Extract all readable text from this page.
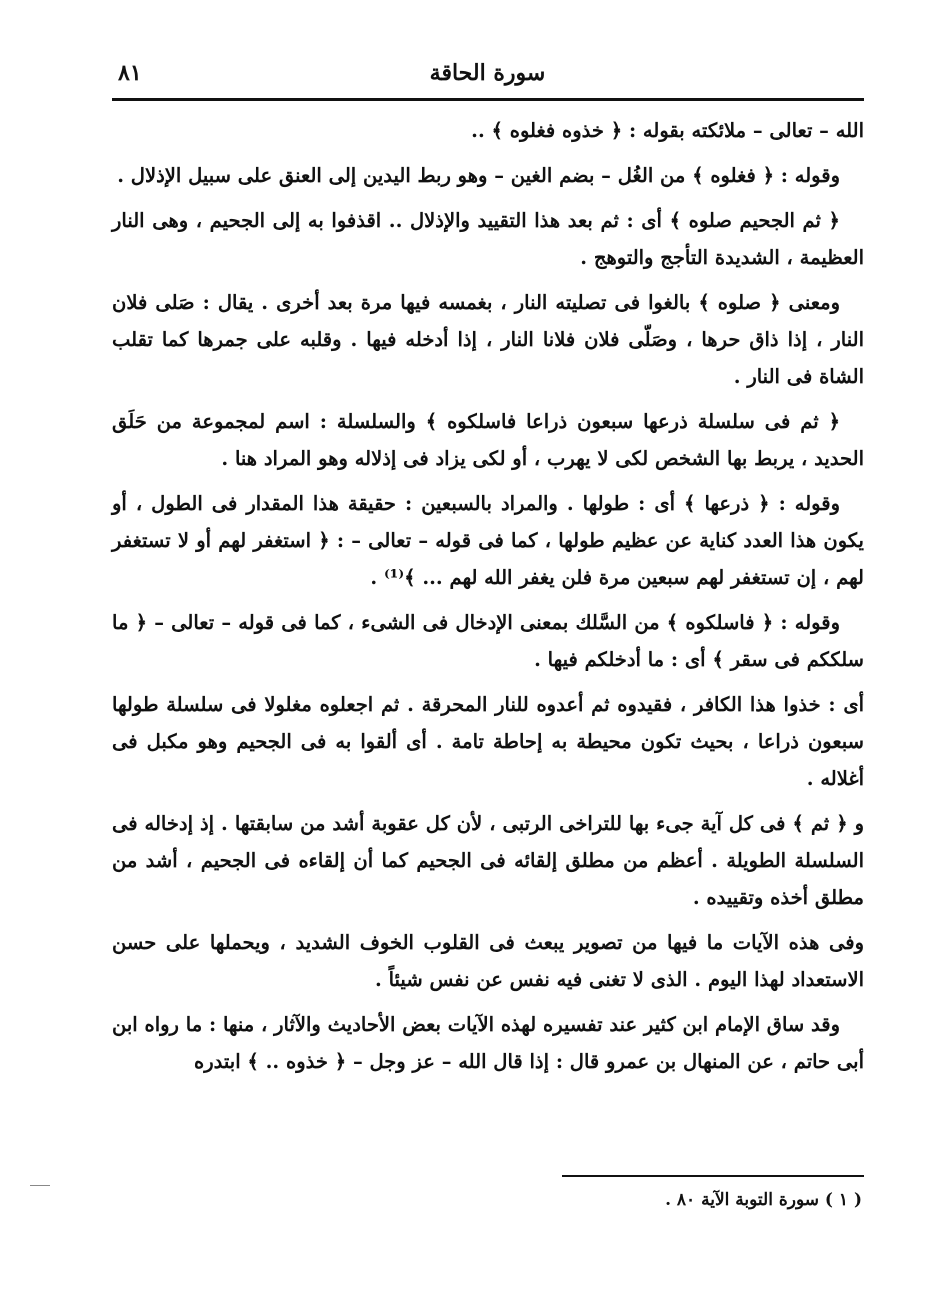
سورة الحاقة
٨١

الله – تعالى – ملائكته بقوله : ﴿ خذوه فغلوه ﴾ ..

وقوله : ﴿ فغلوه ﴾ من الغُل – بضم الغين – وهو ربط اليدين إلى العنق على سبيل الإذلال .

﴿ ثم الجحيم صلوه ﴾ أى : ثم بعد هذا التقييد والإذلال .. اقذفوا به إلى الجحيم ، وهى النار العظيمة ، الشديدة التأجج والتوهج .

ومعنى ﴿ صلوه ﴾ بالغوا فى تصليته النار ، بغمسه فيها مرة بعد أخرى . يقال : صَلى فلان النار ، إذا ذاق حرها ، وصَلّى فلان فلانا النار ، إذا أدخله فيها . وقلبه على جمرها كما تقلب الشاة فى النار .

﴿ ثم فى سلسلة ذرعها سبعون ذراعا فاسلكوه ﴾ والسلسلة : اسم لمجموعة من حَلَق الحديد ، يربط بها الشخص لكى لا يهرب ، أو لكى يزاد فى إذلاله وهو المراد هنا .

وقوله : ﴿ ذرعها ﴾ أى : طولها . والمراد بالسبعين : حقيقة هذا المقدار فى الطول ، أو يكون هذا العدد كناية عن عظيم طولها ، كما فى قوله – تعالى – : ﴿ استغفر لهم أو لا تستغفر لهم ، إن تستغفر لهم سبعين مرة فلن يغفر الله لهم ... ﴾⁽¹⁾ .

وقوله : ﴿ فاسلكوه ﴾ من السَّلك بمعنى الإدخال فى الشىء ، كما فى قوله – تعالى – ﴿ ما سلككم فى سقر ﴾ أى : ما أدخلكم فيها .

أى : خذوا هذا الكافر ، فقيدوه ثم أعدوه للنار المحرقة . ثم اجعلوه مغلولا فى سلسلة طولها سبعون ذراعا ، بحيث تكون محيطة به إحاطة تامة . أى ألقوا به فى الجحيم وهو مكبل فى أغلاله .

و ﴿ ثم ﴾ فى كل آية جىء بها للتراخى الرتبى ، لأن كل عقوبة أشد من سابقتها . إذ إدخاله فى السلسلة الطويلة . أعظم من مطلق إلقائه فى الجحيم كما أن إلقاءه فى الجحيم ، أشد من مطلق أخذه وتقييده .

وفى هذه الآيات ما فيها من تصوير يبعث فى القلوب الخوف الشديد ، ويحملها على حسن الاستعداد لهذا اليوم . الذى لا تغنى فيه نفس عن نفس شيئاً .

وقد ساق الإمام ابن كثير عند تفسيره لهذه الآيات بعض الأحاديث والآثار ، منها : ما رواه ابن أبى حاتم ، عن المنهال بن عمرو قال : إذا قال الله – عز وجل – ﴿ خذوه .. ﴾ ابتدره

( ١ ) سورة التوبة الآية ٨٠ .
